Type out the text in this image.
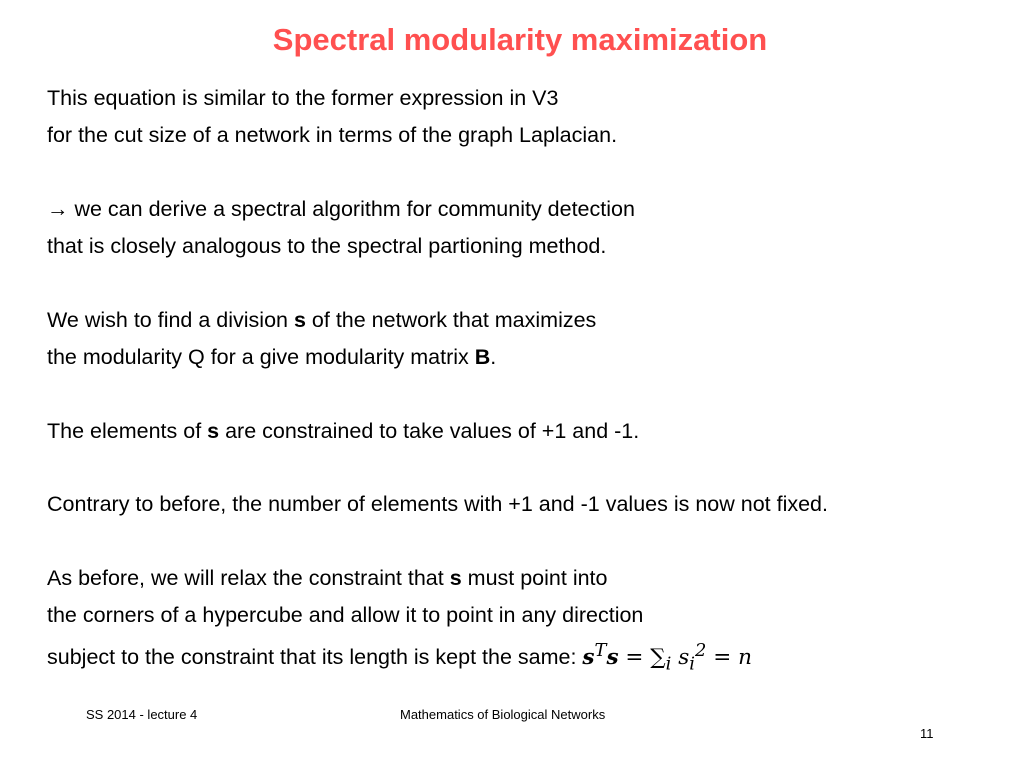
Spectral modularity maximization
This equation is similar to the former expression in V3
for the cut size of a network in terms of the graph Laplacian.
→ we can derive a spectral algorithm for community detection
that is closely analogous to the spectral partioning method.
We wish to find a division s of the network that maximizes
the modularity Q for a give modularity matrix B.
The elements of s are constrained to take values of +1 and -1.
Contrary to before, the number of elements with +1 and -1 values is now not fixed.
As before, we will relax the constraint that s must point into
the corners of a hypercube and allow it to point in any direction
subject to the constraint that its length is kept the same: $s^Ts = \sum_i$ $s_i^2 = n$
SS 2014 - lecture 4	Mathematics of Biological Networks
11
